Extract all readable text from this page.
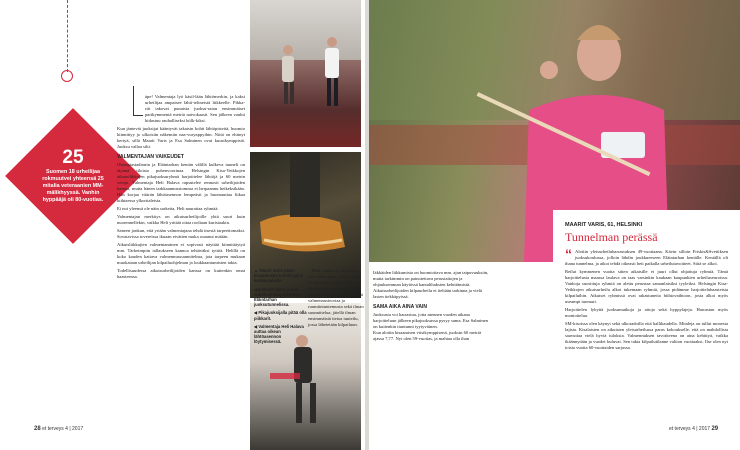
25
Suomen 18 urheilijaa rokmuutvei yhteensä 25 mitalia veteraanien MM-mälikhyyssä. Vanhin hyppääjä oli 80-vuotias.

äpe! Valmentaja lyö käsil-lään lähtömerkin, ja kaksi urheilijaa ampaisee lähti-telineistä liikkeelle. Pikka-riit takovat punaista juoksu-ratau ensimmäiset parikymmentä metriä naivokaasti. Sen jälkeen vauhti hidastuu rauhalliseksi hölk-kiksi.

Kun jäntevät juoksijat kääntyvät takaisin kohti lähtöpisteitä, huomio kiinnittyy jo ulkoisiin näkemiin naa-vuryappyihin. Niitä on ehtinyt kertyä, sillä Maarit Varis ja Esa Salminen ovat kuusikymppisiä. Juoksu vallaa silti.

VALMENTAJAN VAIKEUDET

Olympiastadionin ja Eläintarhan kentän välillä kulkeva tunneli on täynnä tiloista puhenvoorinaa. Helsingin Kisa-Veikkojen aikatoilikkujen pikajuoksuryhmä harjoittelee lähtöjä ja 60 metrin vetoja. Valmentaja Heli Halava rapsutelee rennosti urheilijoiden kanssa, mutta hänen tarkkaannusstomma ei herpaannu hetkeksikään. Hän korjaa väärän lähtöasennon lempeästi ja huomauttaa liikaa kiihtaessa ylkorttaleista.

Ei noi yleensä ole näin sarkeita, Heli naurattaa ryhmää.

Valmentajan merkitys on aikuisurheilijoille yhtä suuri kuin nuorennellekin, vaikka Heli yrittää ottaa rooliaan kuristaakin.

Saneen jonkun, että yrtään valmentajana tehdä itsestä tarpeettomaksi. Sovatavissa tovereissa ikuaan eivätten muka osaanut mitään.

Aikuisliikkujien valmentaminen ei sopivasti näyttää kiinnittäytyä mm. Tärkeimpiin tallaukseen kannoa tehtäväksi tyttöä. Helillä on koko kauden kattava valmennussuunnitelma, jota tarpeen mukaan muokataan urheilijan kilpailuohjelman ja loukkaantumisten takia.

Todellisuudessa aikuisurheilijoiden kanssa on kuitenkin omat haasteensa.

▲ Maarit Varis päävi kisapäivänä toimitsijaksi kehäpojakalle.
◀◀ Maarit Varis ja Esa Salminen harjoittelevat Eläintarhan juoksutunnelissa.
◀ Pikajuoksijalla pitää olla piikkarit.
◀ Valmentaja Heli Halava auttaa oikean lähtöasennon löytymisessä.

– Mitä vanhempi ikäryhmä, sitä vähemmän valmentajilla on käytössä tarkitisaa tietoa. Sen takia harjoituksia suunnitellessa pitää yhdistellä valmennusteoriaa ja ruumiintuntemusta sekä ilman suunnittelua, jätellä ilman ensimmäistä tietoa tunteilu, jossa lähetetään kilpailuun.

28 et terveys 4 | 2017

Iäkkäiden liikkumista on huomioitava mm. ajan taipuvuuksiin, mutta tarkimmin on painotettava perustaitojen ja ohjauksemman käytössä kantalihaksien kehittämistä. Aikuisurheilijoiden kilpaurheilu ei tieltään tarkinna ja vielä lasten tiekkäpyissä.

SAMA AIKA AINA VAIN

Juoksusta voi harrastua, jotta mennen vuoden aikana harjoitteluun jälkeen pikajuoksussa pysyy sama. Esa Salminen on kuitenkin tiuntunni tyytyväinen.

Kun aloitin kisaamisen viisikymppisenä, juoksin 60 metriä ajassa 7,77. Nyt olen 59-vuotias, ja mahtaa olla ihan

MAARIT VARIS, 61, HELSINKI
Tunnelman perässä

“ Aloitin yleisurheiluharrastuksen 49-vuotiaana. Kävin silloin Friskis&Svettiksen juoksukoulussa, jolloin lähdin joukkueeseen Eläintarhan kentälle. Kentällä oli ihana tunnelma, ja aikoi tehdä oikeasti heti paikalla urheilutavoitteet. Siitä se alkoi.

Reilut kymmenen vuotta sitten aikaisille ei juuri ollut ohjattuja ryhmiä. Tämä harjoittelusta maassa laulava on taas varsinkin kaukaan kaupunkien urheiluseuroissa. Vanhoja suosittuja ryhmiä on alettu perustaa samanlaisiksi tyyleiksi. Helsingin Kisa-Veikkojen aikuisurheilu alkoi tukemaan ryhmiä, jossa pidämme harjoitteluhaasteista kilpailuihin. Aikuiset ryhmissä ovat rakastuneita hiihtovaihtoon, josta alkoi myös useampi tuomari.

Harjoittelen lyhyttä juoksumatkoja ja aitoja sekä hyppylajeja. Harrastan myös moniottelua.

SM-kisoissa olen käynyt sekä ulkoradoilla että hallikaudella. Mitaleja on tullut monesta lajista. Kisalaisten on aikuisten yleisurheilussa paras kokoukselle, että on mahdollista saavuttaa vielä hyviä tuloksia. Valmennuksen tavoitteena on aina kehittyä, vaikka ikäännytään ja vuodet kuluvat. Sen takia kilpailutilanne valtion vuotiaaksi. Ilse olen nyt toista vuotta 60-vuotiaiden sarjassa.

et terveys 4 | 2017 29
